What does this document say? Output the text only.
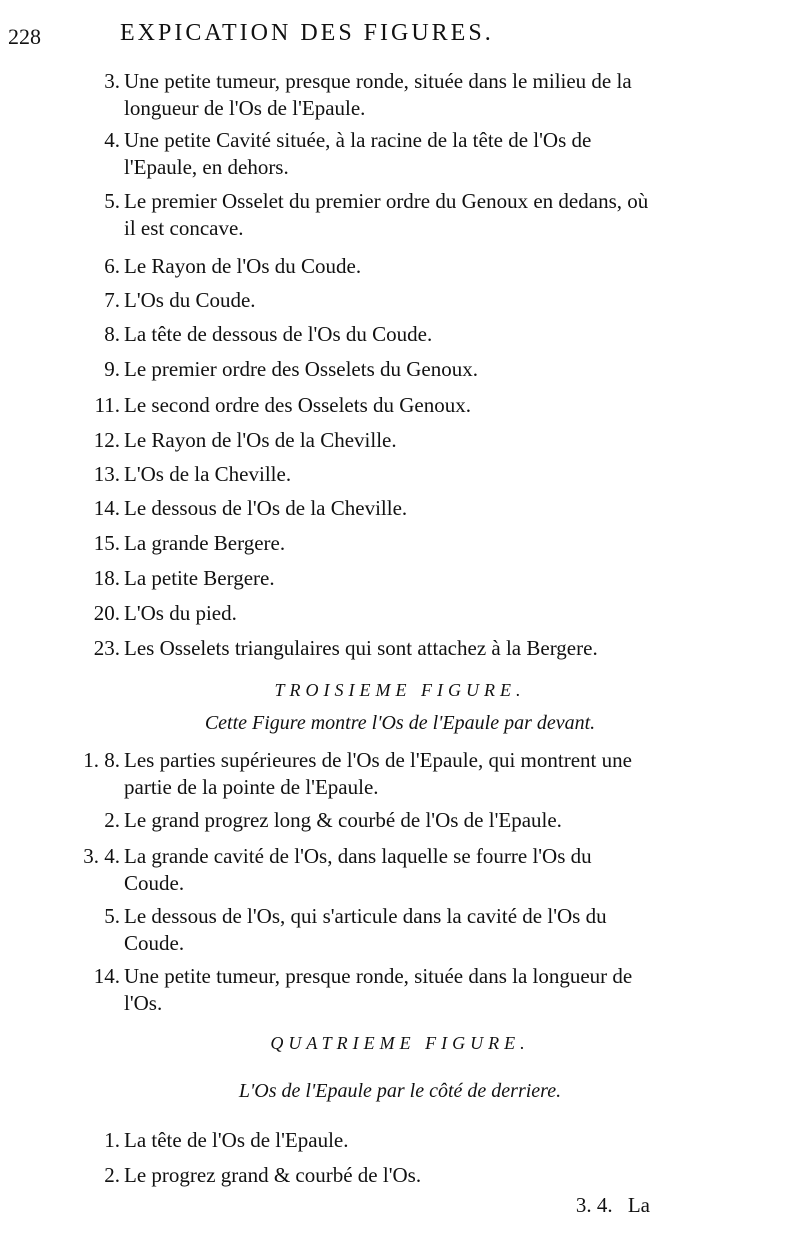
228	EXPICATION DES FIGURES.
3. Une petite tumeur, presque ronde, située dans le milieu de la longueur de l'Os de l'Epaule.
4. Une petite Cavité située, à la racine de la tête de l'Os de l'Epaule, en dehors.
5. Le premier Osselet du premier ordre du Genoux en dedans, où il est concave.
6. Le Rayon de l'Os du Coude.
7. L'Os du Coude.
8. La tête de dessous de l'Os du Coude.
9. Le premier ordre des Osselets du Genoux.
11. Le second ordre des Osselets du Genoux.
12. Le Rayon de l'Os de la Cheville.
13. L'Os de la Cheville.
14. Le dessous de l'Os de la Cheville.
15. La grande Bergere.
18. La petite Bergere.
20. L'Os du pied.
23. Les Osselets triangulaires qui sont attachez à la Bergere.
TROISIEME FIGURE.
Cette Figure montre l'Os de l'Epaule par devant.
1. 8. Les parties supérieures de l'Os de l'Epaule, qui montrent une partie de la pointe de l'Epaule.
2. Le grand progrez long & courbé de l'Os de l'Epaule.
3. 4. La grande cavité de l'Os, dans laquelle se fourre l'Os du Coude.
5. Le dessous de l'Os, qui s'articule dans la cavité de l'Os du Coude.
14. Une petite tumeur, presque ronde, située dans la longueur de l'Os.
QUATRIEME FIGURE.
L'Os de l'Epaule par le côté de derriere.
1. La tête de l'Os de l'Epaule.
2. Le progrez grand & courbé de l'Os.
3. 4. La
